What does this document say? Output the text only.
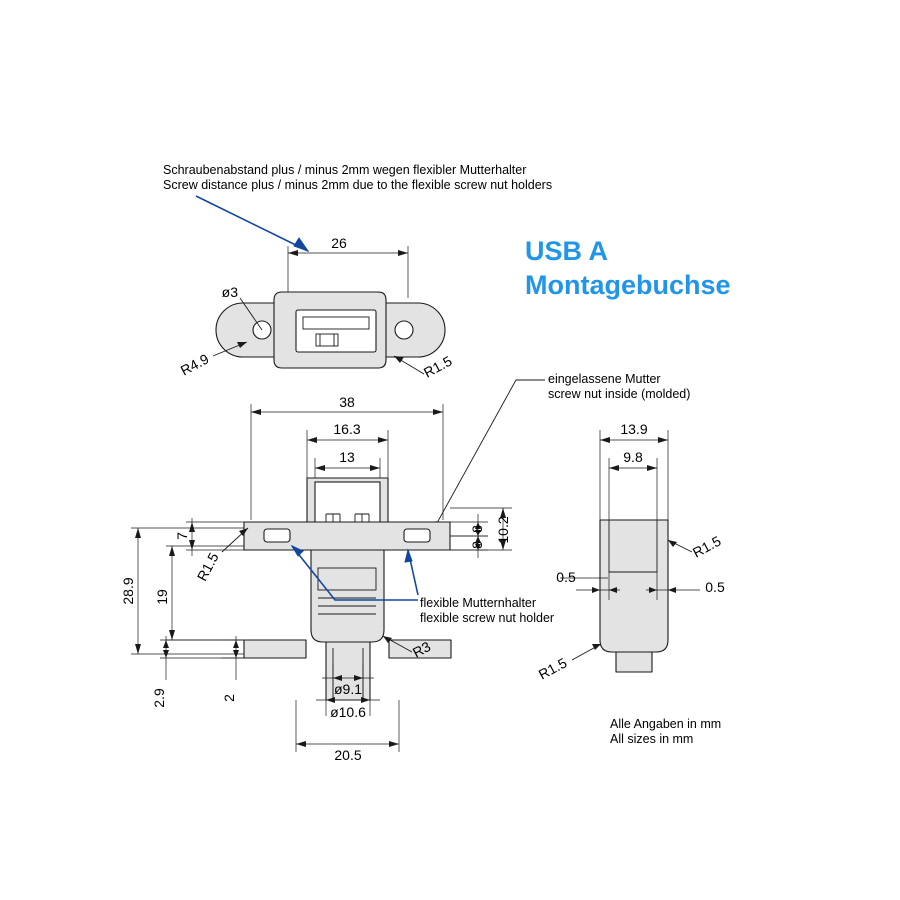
Schraubenabstand plus / minus 2mm wegen flexibler Mutterhalter
Screw distance plus / minus 2mm due to the flexible screw nut holders
USB A
Montagebuchse
26
ø3
R4.9	R1.5	eingelassene Mutter
screw nut inside (molded)
38
16.3
13
28.9 19
7
2.9	2
R1.5
8
8
10.2
R3
ø9.1
ø10.6
20.5
flexible Mutternhalter
flexible screw nut holder
13.9
9.8
0.5
0.5
R1.5
R1.5
Alle Angaben in mm
All sizes in mm
